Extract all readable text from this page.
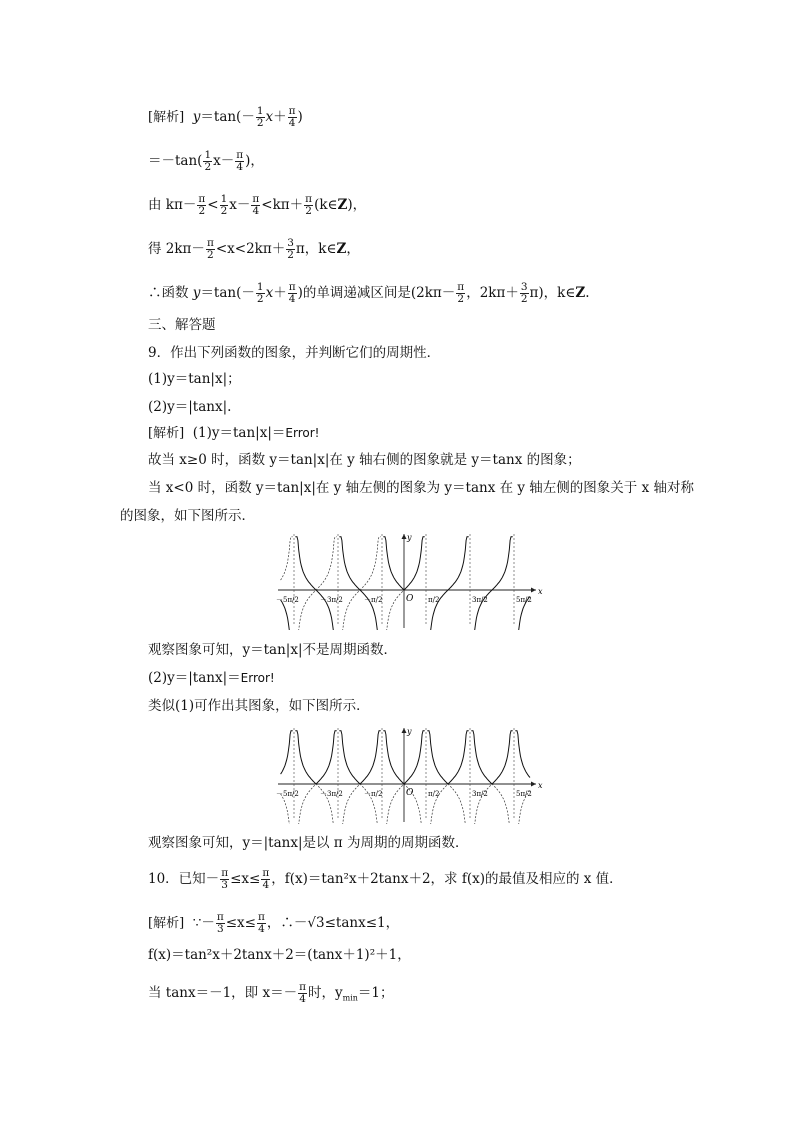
[解析] $y=\tan(- \frac{1}{2} x+ \frac{\pi}{4}$ )
$=-\tan( \frac{1}{2} x- \frac{\pi}{4}$ )，
由 $k\pi- \frac{\pi}{2} < \frac{1}{2} x- \frac{\pi}{4} <k\pi+ \frac{\pi}{2}$ (k∈Z)，
得 $2k\pi- \frac{\pi}{2} <x<2k\pi+ \frac{3}{2}$ π，k∈Z，
∴函数 $y=\tan(- \frac{1}{2} x+ \frac{\pi}{4}$ )的单调递减区间是($2k\pi- \frac{\pi}{2}$ ，$2k\pi+ \frac{3}{2} \pi$)，k∈Z.
三、解答题
9．作出下列函数的图象，并判断它们的周期性．
(1)y＝tan|x|；
(2)y＝|tanx|.
[解析] (1)y＝tan|x|＝Error!
故当 x≥0 时，函数 y＝tan|x|在 y 轴右侧的图象就是 y＝tanx 的图象；
当 x<0 时，函数 y＝tan|x|在 y 轴左侧的图象为 y＝tanx 在 y 轴左侧的图象关于 x 轴对称
的图象，如下图所示．
x
y
O
－5π/2	－3π/2	－π/2	π/2	3π/2	5π/2
观察图象可知，y＝tan|x|不是周期函数．
(2)y＝|tanx|＝Error!
类似(1)可作出其图象，如下图所示．
x
y
O
－5π/2	－3π/2	－π/2	π/2	3π/2	5π/2
观察图象可知，y＝|tanx|是以 π 为周期的周期函数．
10．已知－ $\frac{\pi}{3} \le x\le \frac{\pi}{4}$ ，f(x)＝tan²x＋2tanx＋2，求 f(x)的最值及相应的 x 值．
[解析] ∵－ $\frac{\pi}{3} \le x\le \frac{\pi}{4}$ ，∴－√3≤tanx≤1，
f(x)＝tan²x＋2tanx＋2＝(tanx＋1)²＋1，
当 tanx＝－1，即 $x=- \frac{\pi}{4}$ 时，$y_{min}=1$；
